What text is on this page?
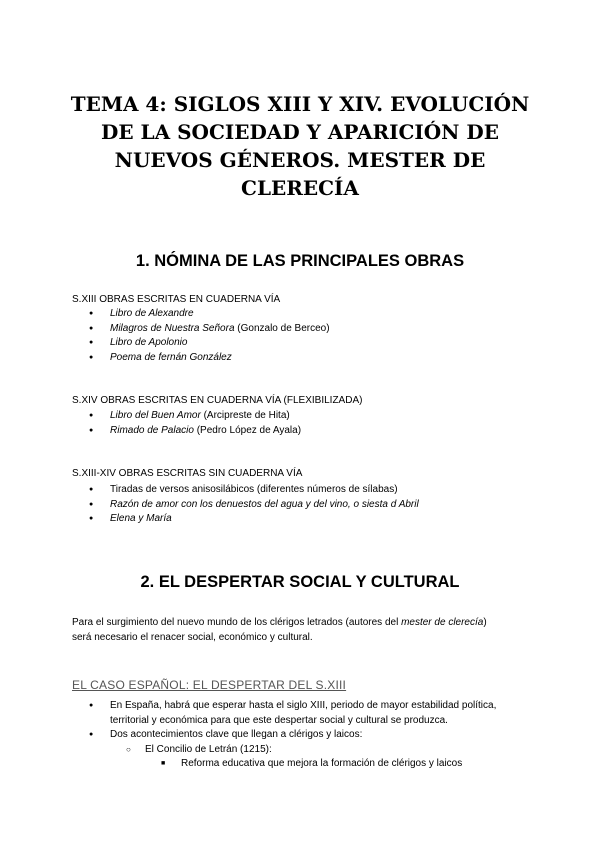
TEMA 4: SIGLOS XIII Y XIV. EVOLUCIÓN DE LA SOCIEDAD Y APARICIÓN DE NUEVOS GÉNEROS. MESTER DE CLERECÍA
1. NÓMINA DE LAS PRINCIPALES OBRAS

S.XIII OBRAS ESCRITAS EN CUADERNA VÍA

● Libro de Alexandre
● Milagros de Nuestra Señora (Gonzalo de Berceo)
● Libro de Apolonio
● Poema de fernán González

S.XIV OBRAS ESCRITAS EN CUADERNA VÍA (FLEXIBILIZADA)

● Libro del Buen Amor (Arcipreste de Hita)
● Rimado de Palacio (Pedro López de Ayala)

S.XIII-XIV OBRAS ESCRITAS SIN CUADERNA VÍA

● Tiradas de versos anisosilábicos (diferentes números de sílabas)
● Razón de amor con los denuestos del agua y del vino, o siesta d Abril
● Elena y María
2. EL DESPERTAR SOCIAL Y CULTURAL

Para el surgimiento del nuevo mundo de los clérigos letrados (autores del mester de clerecía) será necesario el renacer social, económico y cultural.

EL CASO ESPAÑOL: EL DESPERTAR DEL S.XIII

● En España, habrá que esperar hasta el siglo XIII, periodo de mayor estabilidad política, territorial y económica para que este despertar social y cultural se produzca.
● Dos acontecimientos clave que llegan a clérigos y laicos:
○ El Concilio de Letrán (1215):
■ Reforma educativa que mejora la formación de clérigos y laicos
